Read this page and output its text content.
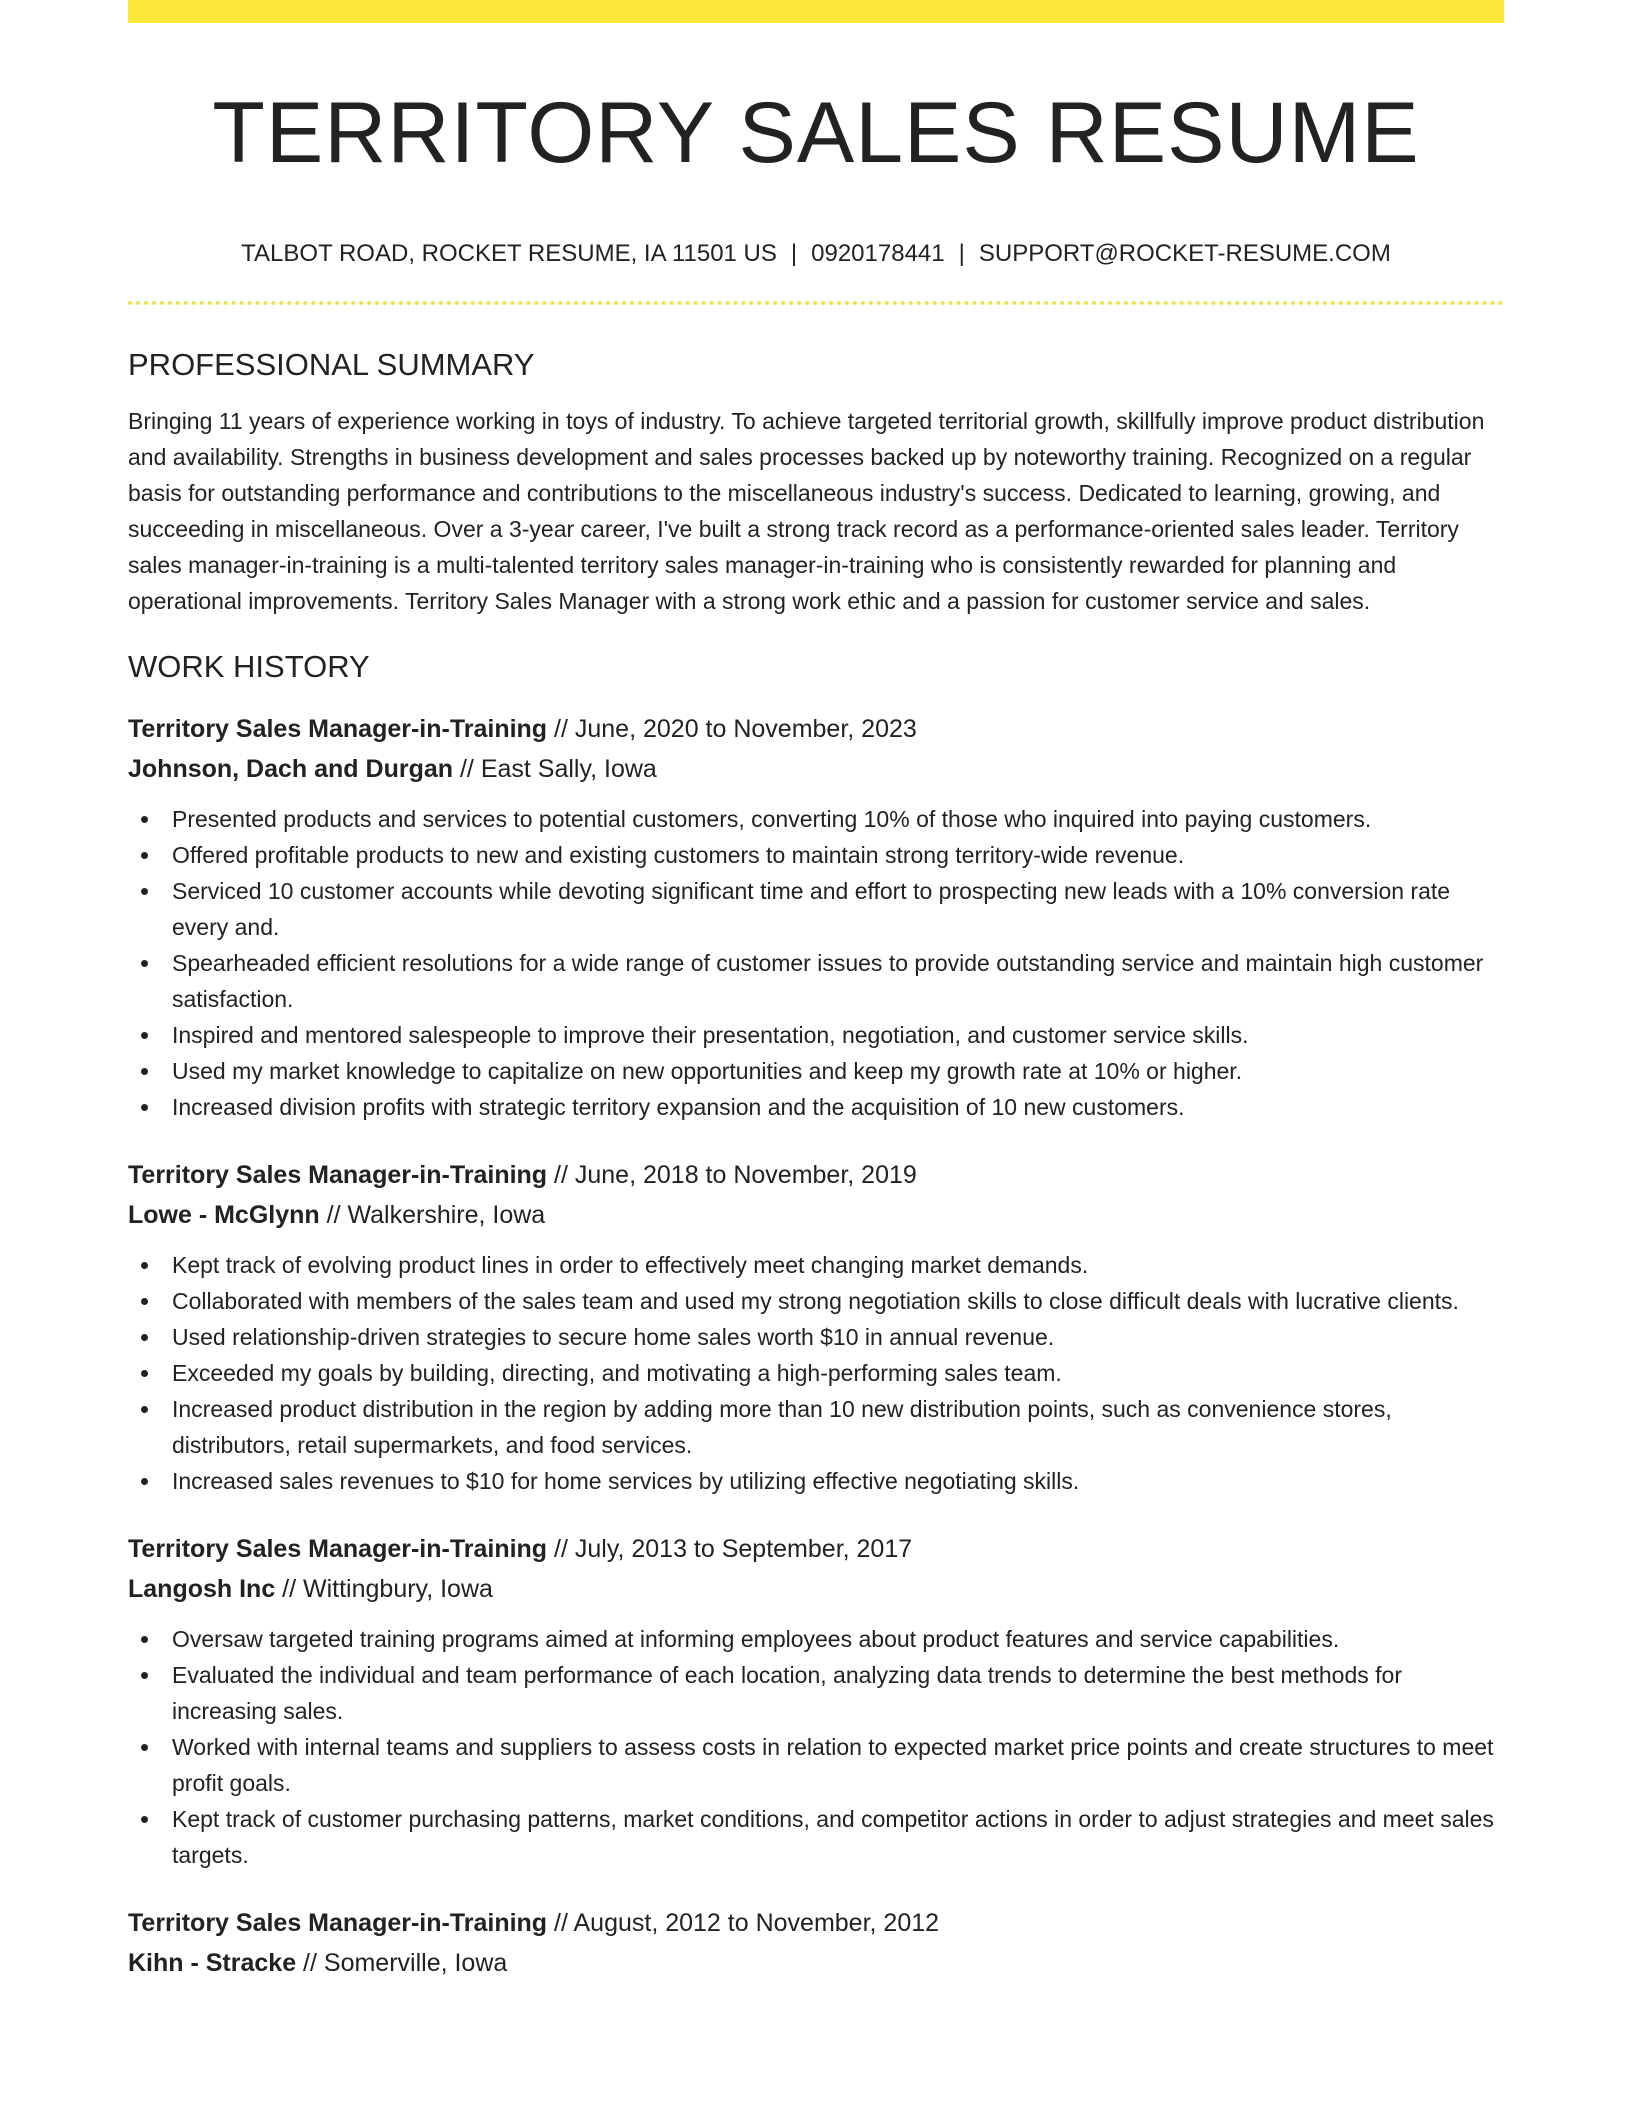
TERRITORY SALES RESUME
TALBOT ROAD, ROCKET RESUME, IA 11501 US | 0920178441 | SUPPORT@ROCKET-RESUME.COM
PROFESSIONAL SUMMARY

Bringing 11 years of experience working in toys of industry. To achieve targeted territorial growth, skillfully improve product distribution and availability. Strengths in business development and sales processes backed up by noteworthy training. Recognized on a regular basis for outstanding performance and contributions to the miscellaneous industry's success. Dedicated to learning, growing, and succeeding in miscellaneous. Over a 3-year career, I've built a strong track record as a performance-oriented sales leader. Territory sales manager-in-training is a multi-talented territory sales manager-in-training who is consistently rewarded for planning and operational improvements. Territory Sales Manager with a strong work ethic and a passion for customer service and sales.

WORK HISTORY
Territory Sales Manager-in-Training // June, 2020 to November, 2023
Johnson, Dach and Durgan // East Sally, Iowa
Presented products and services to potential customers, converting 10% of those who inquired into paying customers.
Offered profitable products to new and existing customers to maintain strong territory-wide revenue.
Serviced 10 customer accounts while devoting significant time and effort to prospecting new leads with a 10% conversion rate every and.
Spearheaded efficient resolutions for a wide range of customer issues to provide outstanding service and maintain high customer satisfaction.
Inspired and mentored salespeople to improve their presentation, negotiation, and customer service skills.
Used my market knowledge to capitalize on new opportunities and keep my growth rate at 10% or higher.
Increased division profits with strategic territory expansion and the acquisition of 10 new customers.
Territory Sales Manager-in-Training // June, 2018 to November, 2019
Lowe - McGlynn // Walkershire, Iowa
Kept track of evolving product lines in order to effectively meet changing market demands.
Collaborated with members of the sales team and used my strong negotiation skills to close difficult deals with lucrative clients.
Used relationship-driven strategies to secure home sales worth $10 in annual revenue.
Exceeded my goals by building, directing, and motivating a high-performing sales team.
Increased product distribution in the region by adding more than 10 new distribution points, such as convenience stores, distributors, retail supermarkets, and food services.
Increased sales revenues to $10 for home services by utilizing effective negotiating skills.
Territory Sales Manager-in-Training // July, 2013 to September, 2017
Langosh Inc // Wittingbury, Iowa
Oversaw targeted training programs aimed at informing employees about product features and service capabilities.
Evaluated the individual and team performance of each location, analyzing data trends to determine the best methods for increasing sales.
Worked with internal teams and suppliers to assess costs in relation to expected market price points and create structures to meet profit goals.
Kept track of customer purchasing patterns, market conditions, and competitor actions in order to adjust strategies and meet sales targets.
Territory Sales Manager-in-Training // August, 2012 to November, 2012
Kihn - Stracke // Somerville, Iowa
